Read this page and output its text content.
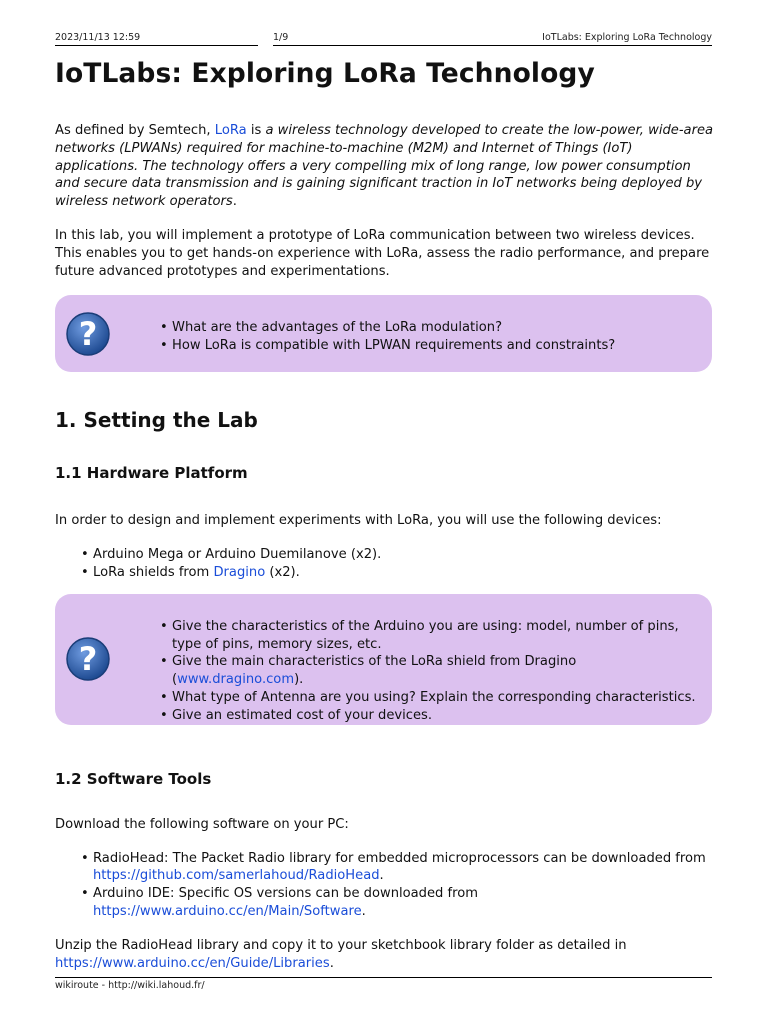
2023/11/13 12:59	1/9	IoTLabs: Exploring LoRa Technology
IoTLabs: Exploring LoRa Technology

As defined by Semtech, LoRa is a wireless technology developed to create the low-power, wide-area networks (LPWANs) required for machine-to-machine (M2M) and Internet of Things (IoT) applications. The technology offers a very compelling mix of long range, low power consumption and secure data transmission and is gaining significant traction in IoT networks being deployed by wireless network operators.

In this lab, you will implement a prototype of LoRa communication between two wireless devices. This enables you to get hands-on experience with LoRa, assess the radio performance, and prepare future advanced prototypes and experimentations.

?
•	What are the advantages of the LoRa modulation?
• How LoRa is compatible with LPWAN requirements and constraints?
1. Setting the Lab
1.1 Hardware Platform

In order to design and implement experiments with LoRa, you will use the following devices:

• Arduino Mega or Arduino Duemilanove (x2).
• LoRa shields from Dragino (x2).
?
• Give the characteristics of the Arduino you are using: model, number of pins, type of pins, memory sizes, etc.
• Give the main characteristics of the LoRa shield from Dragino (www.dragino.com).
• What type of Antenna are you using? Explain the corresponding characteristics.
• Give an estimated cost of your devices.
1.2 Software Tools

Download the following software on your PC:

• RadioHead: The Packet Radio library for embedded microprocessors can be downloaded from https://github.com/samerlahoud/RadioHead.
• Arduino IDE: Specific OS versions can be downloaded from https://www.arduino.cc/en/Main/Software.

Unzip the RadioHead library and copy it to your sketchbook library folder as detailed in https://www.arduino.cc/en/Guide/Libraries.

wikiroute - http://wiki.lahoud.fr/
